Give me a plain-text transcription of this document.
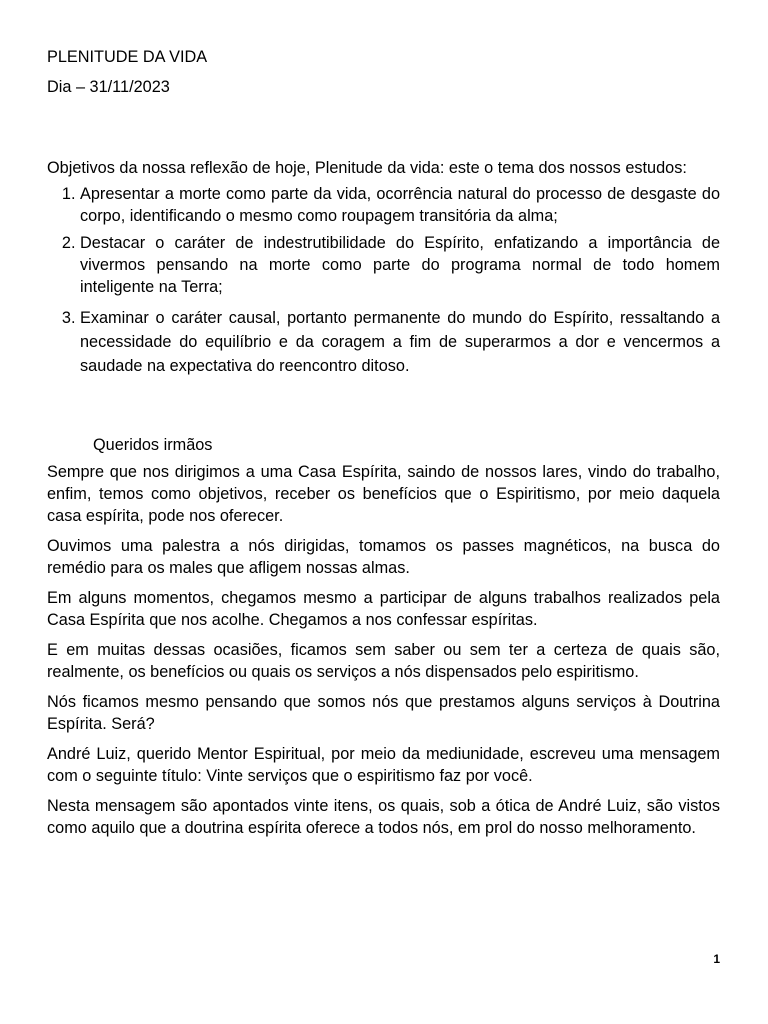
PLENITUDE DA VIDA

Dia – 31/11/2023

Objetivos da nossa reflexão de hoje, Plenitude da vida: este o tema dos nossos estudos:

1. Apresentar a morte como parte da vida, ocorrência natural do processo de desgaste do corpo, identificando o mesmo como roupagem transitória da alma;
2. Destacar o caráter de indestrutibilidade do Espírito, enfatizando a importância de vivermos pensando na morte como parte do programa normal de todo homem inteligente na Terra;
3. Examinar o caráter causal, portanto permanente do mundo do Espírito, ressaltando a necessidade do equilíbrio e da coragem a fim de superarmos a dor e vencermos a saudade na expectativa do reencontro ditoso.

Queridos irmãos

Sempre que nos dirigimos a uma Casa Espírita, saindo de nossos lares, vindo do trabalho, enfim, temos como objetivos, receber os benefícios que o Espiritismo, por meio daquela casa espírita, pode nos oferecer.

Ouvimos uma palestra a nós dirigidas, tomamos os passes magnéticos, na busca do remédio para os males que afligem nossas almas.

Em alguns momentos, chegamos mesmo a participar de alguns trabalhos realizados pela Casa Espírita que nos acolhe. Chegamos a nos confessar espíritas.

E em muitas dessas ocasiões, ficamos sem saber ou sem ter a certeza de quais são, realmente, os benefícios ou quais os serviços a nós dispensados pelo espiritismo.

Nós ficamos mesmo pensando que somos nós que prestamos alguns serviços à Doutrina Espírita. Será?

André Luiz, querido Mentor Espiritual, por meio da mediunidade, escreveu uma mensagem com o seguinte título: Vinte serviços que o espiritismo faz por você.

Nesta mensagem são apontados vinte itens, os quais, sob a ótica de André Luiz, são vistos como aquilo que a doutrina espírita oferece a todos nós, em prol do nosso melhoramento.

1
